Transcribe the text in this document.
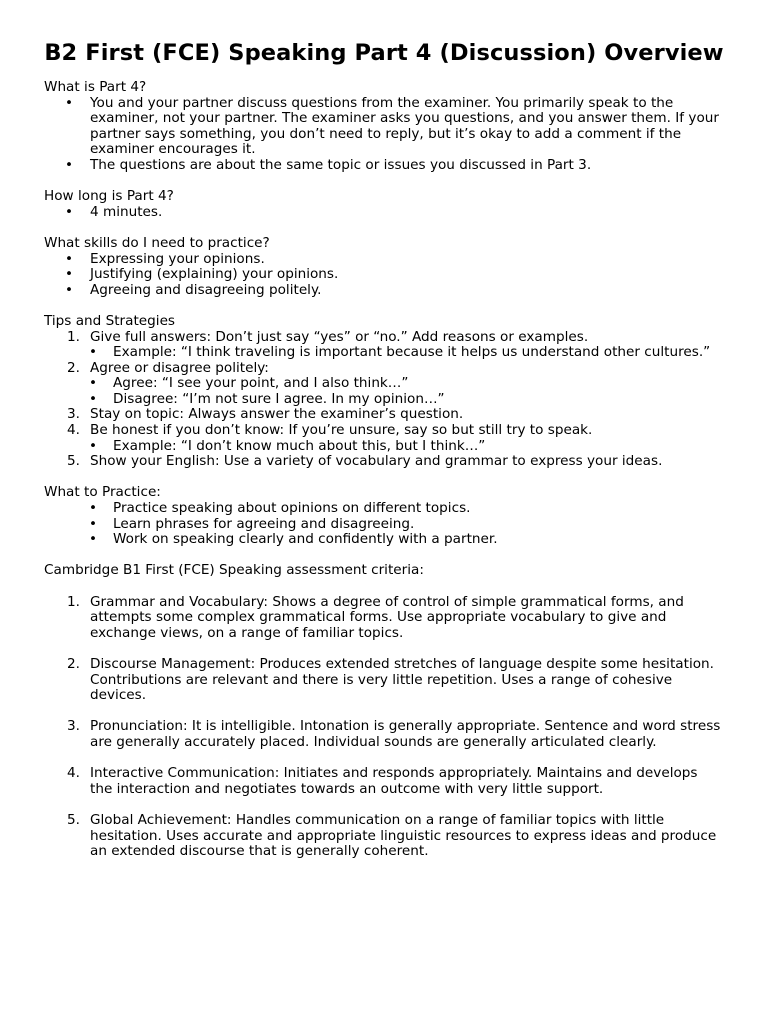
B2 First (FCE) Speaking Part 4 (Discussion) Overview

What is Part 4?

• You and your partner discuss questions from the examiner. You primarily speak to the examiner, not your partner. The examiner asks you questions, and you answer them. If your partner says something, you don’t need to reply, but it’s okay to add a comment if the examiner encourages it.
• The questions are about the same topic or issues you discussed in Part 3.

How long is Part 4?

• 4 minutes.

What skills do I need to practice?

• Expressing your opinions.
• Justifying (explaining) your opinions.
• Agreeing and disagreeing politely.

Tips and Strategies

1. Give full answers: Don’t just say “yes” or “no.” Add reasons or examples.
• Example: “I think traveling is important because it helps us understand other cultures.”
2. Agree or disagree politely:
• Agree: “I see your point, and I also think…”
• Disagree: “I’m not sure I agree. In my opinion…”
3. Stay on topic: Always answer the examiner’s question.
4. Be honest if you don’t know: If you’re unsure, say so but still try to speak.
• Example: “I don’t know much about this, but I think…”
5. Show your English: Use a variety of vocabulary and grammar to express your ideas.

What to Practice:

• Practice speaking about opinions on different topics.
• Learn phrases for agreeing and disagreeing.
• Work on speaking clearly and confidently with a partner.

Cambridge B1 First (FCE) Speaking assessment criteria:

1. Grammar and Vocabulary: Shows a degree of control of simple grammatical forms, and attempts some complex grammatical forms. Use appropriate vocabulary to give and exchange views, on a range of familiar topics.
2. Discourse Management: Produces extended stretches of language despite some hesitation. Contributions are relevant and there is very little repetition. Uses a range of cohesive devices.
3. Pronunciation: It is intelligible. Intonation is generally appropriate. Sentence and word stress are generally accurately placed. Individual sounds are generally articulated clearly.
4. Interactive Communication: Initiates and responds appropriately. Maintains and develops the interaction and negotiates towards an outcome with very little support.
5. Global Achievement: Handles communication on a range of familiar topics with little hesitation. Uses accurate and appropriate linguistic resources to express ideas and produce an extended discourse that is generally coherent.
